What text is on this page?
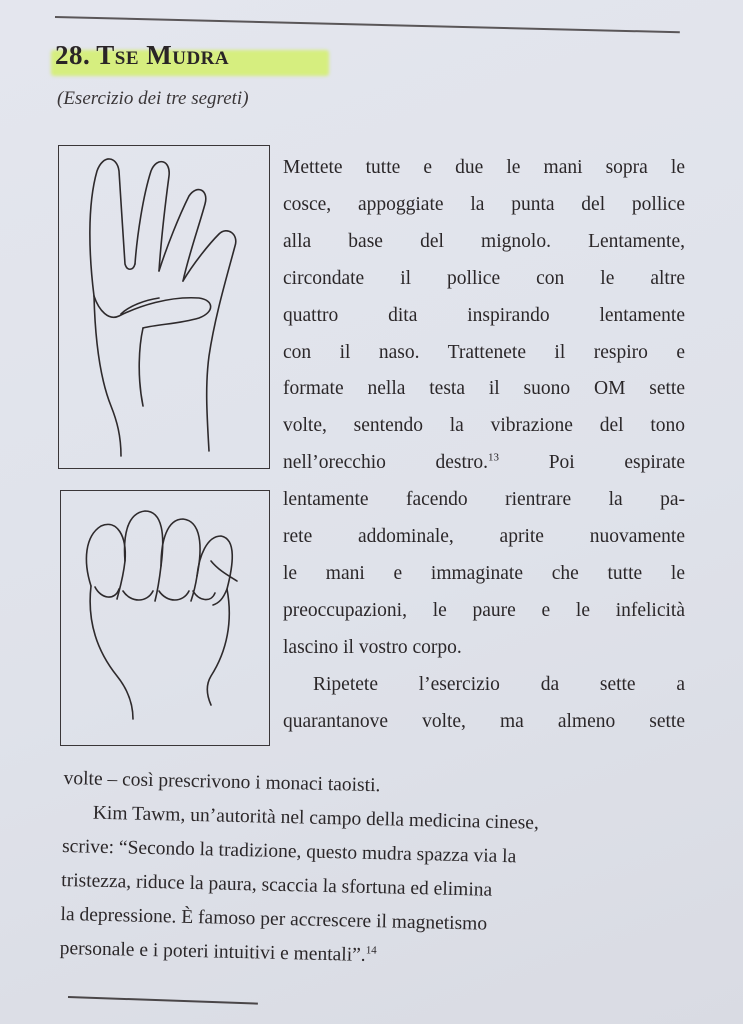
28. Tse Mudra
(Esercizio dei tre segreti)
Mettete tutte e due le mani sopra le
cosce, appoggiate la punta del pollice
alla base del mignolo. Lentamente,
circondate il pollice con le altre
quattro dita inspirando lentamente
con il naso. Trattenete il respiro e
formate nella testa il suono OM sette
volte, sentendo la vibrazione del tono
nell’orecchio destro.$^{13}$ Poi espirate
lentamente facendo rientrare la pa-
rete addominale, aprite nuovamente
le mani e immaginate che tutte le
preoccupazioni, le paure e le infelicità
lascino il vostro corpo.
Ripetete l’esercizio da sette a
quarantanove volte, ma almeno sette
volte – così prescrivono i monaci taoisti.
Kim Tawm, un’autorità nel campo della medicina cinese,
scrive: “Secondo la tradizione, questo mudra spazza via la
tristezza, riduce la paura, scaccia la sfortuna ed elimina
la depressione. È famoso per accrescere il magnetismo
personale e i poteri intuitivi e mentali”.$^{14}$
